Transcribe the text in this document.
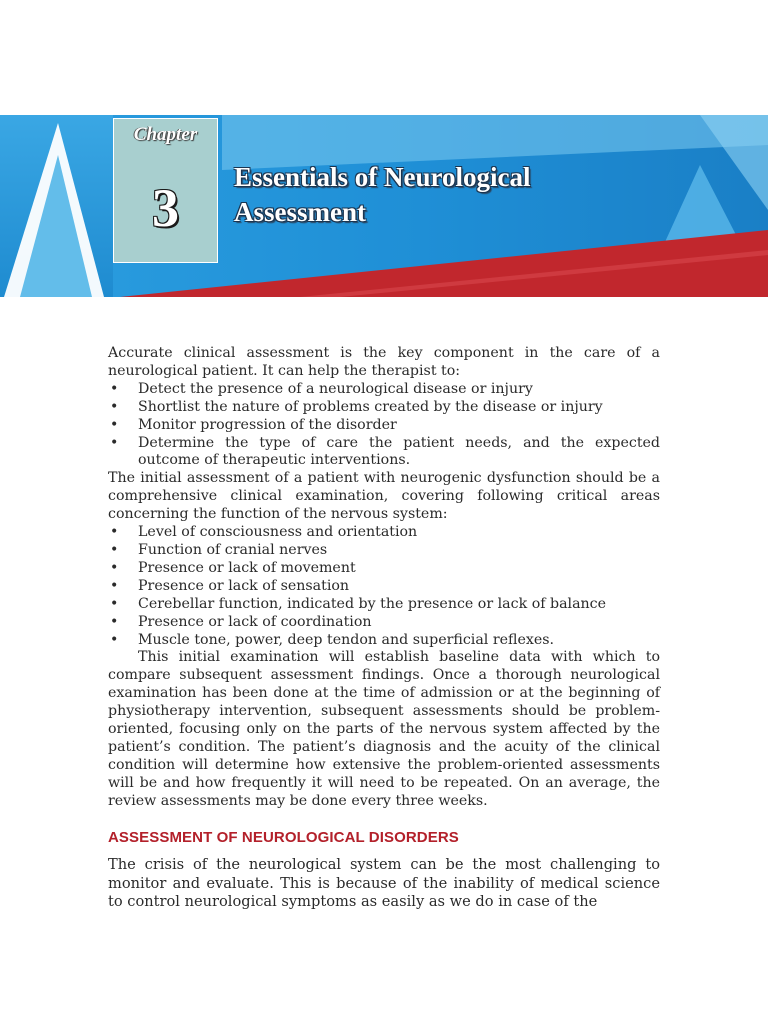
Chapter
3
Essentials of Neurological
Assessment

Accurate clinical assessment is the key component in the care of a neurological patient. It can help the therapist to:

• Detect the presence of a neurological disease or injury
• Shortlist the nature of problems created by the disease or injury
• Monitor progression of the disorder
• Determine the type of care the patient needs, and the expected outcome of therapeutic interventions.

The initial assessment of a patient with neurogenic dysfunction should be a comprehensive clinical examination, covering following critical areas concerning the function of the nervous system:

• Level of consciousness and orientation
• Function of cranial nerves
• Presence or lack of movement
• Presence or lack of sensation
• Cerebellar function, indicated by the presence or lack of balance
• Presence or lack of coordination
• Muscle tone, power, deep tendon and superficial reflexes.

This initial examination will establish baseline data with which to compare subsequent assessment findings. Once a thorough neurological examination has been done at the time of admission or at the beginning of physiotherapy intervention, subsequent assessments should be problem-oriented, focusing only on the parts of the nervous system affected by the patient’s condition. The patient’s diagnosis and the acuity of the clinical condition will determine how extensive the problem-oriented assessments will be and how frequently it will need to be repeated. On an average, the review assessments may be done every three weeks.

ASSESSMENT OF NEUROLOGICAL DISORDERS

The crisis of the neurological system can be the most challenging to monitor and evaluate. This is because of the inability of medical science to control neurological symptoms as easily as we do in case of the
